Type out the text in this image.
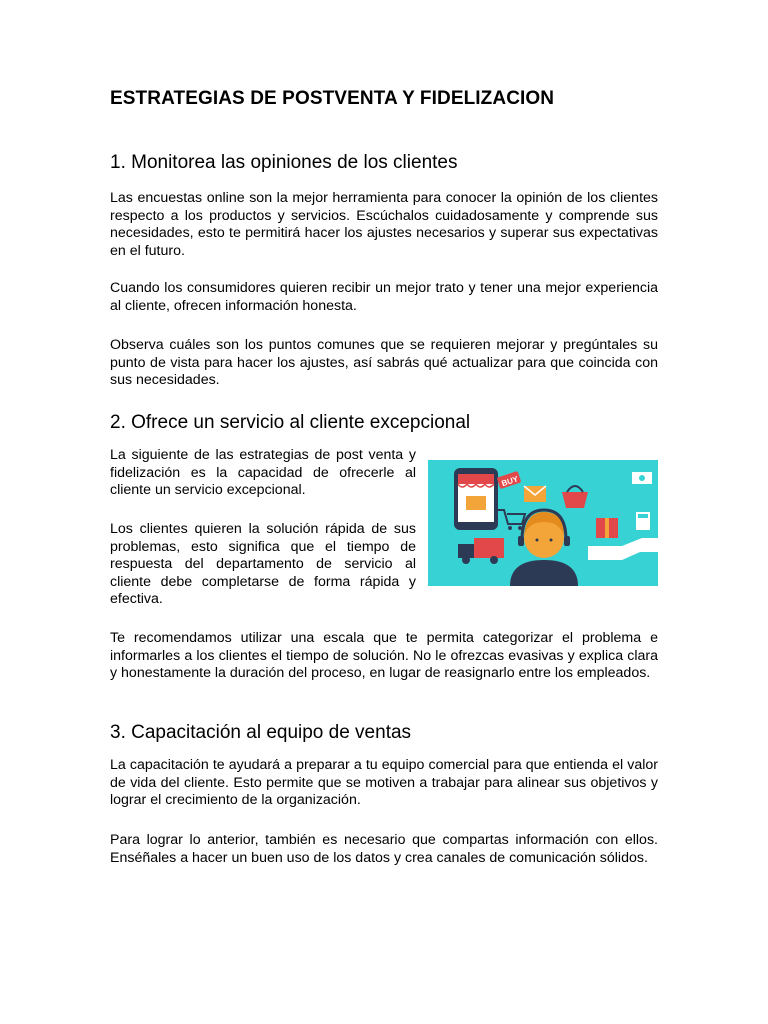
ESTRATEGIAS DE POSTVENTA Y FIDELIZACION
1. Monitorea las opiniones de los clientes

Las encuestas online son la mejor herramienta para conocer la opinión de los clientes respecto a los productos y servicios. Escúchalos cuidadosamente y comprende sus necesidades, esto te permitirá hacer los ajustes necesarios y superar sus expectativas en el futuro.

Cuando los consumidores quieren recibir un mejor trato y tener una mejor experiencia al cliente, ofrecen información honesta.

Observa cuáles son los puntos comunes que se requieren mejorar y pregúntales su punto de vista para hacer los ajustes, así sabrás qué actualizar para que coincida con sus necesidades.

2. Ofrece un servicio al cliente excepcional

La siguiente de las estrategias de post venta y fidelización es la capacidad de ofrecerle al cliente un servicio excepcional.

Los clientes quieren la solución rápida de sus problemas, esto significa que el tiempo de respuesta del departamento de servicio al cliente debe completarse de forma rápida y efectiva.

Te recomendamos utilizar una escala que te permita categorizar el problema e informarles a los clientes el tiempo de solución. No le ofrezcas evasivas y explica clara y honestamente la duración del proceso, en lugar de reasignarlo entre los empleados.

3. Capacitación al equipo de ventas

La capacitación te ayudará a preparar a tu equipo comercial para que entienda el valor de vida del cliente. Esto permite que se motiven a trabajar para alinear sus objetivos y lograr el crecimiento de la organización.

Para lograr lo anterior, también es necesario que compartas información con ellos. Enséñales a hacer un buen uso de los datos y crea canales de comunicación sólidos.

BUY
